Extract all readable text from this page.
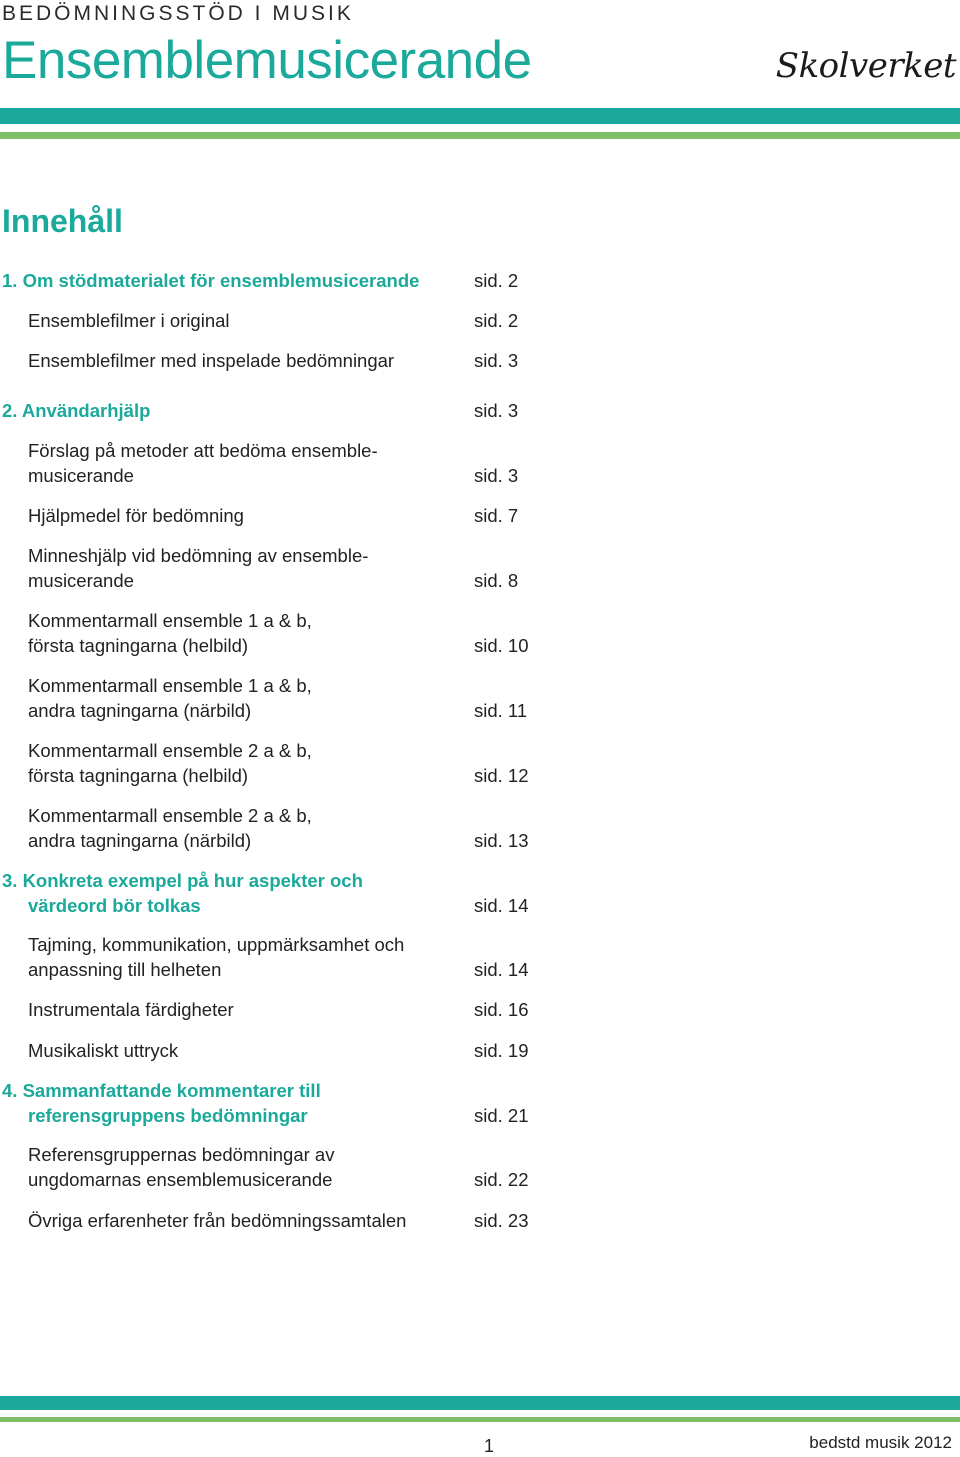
BEDÖMNINGSSTÖD I MUSIK
Ensemblemusicerande	Skolverket
Innehåll
1. Om stödmaterialet för ensemblemusicerande	sid. 2
Ensemblefilmer i original	sid. 2
Ensemblefilmer med inspelade bedömningar	sid. 3
2. Användarhjälp	sid. 3
Förslag på metoder att bedöma ensemble-
musicerande	sid. 3
Hjälpmedel för bedömning	sid. 7
Minneshjälp vid bedömning av ensemble-
musicerande	sid. 8
Kommentarmall ensemble 1 a & b,
första tagningarna (helbild)	sid. 10
Kommentarmall ensemble 1 a & b,
andra tagningarna (närbild)	sid. 11
Kommentarmall ensemble 2 a & b,
första tagningarna (helbild)	sid. 12
Kommentarmall ensemble 2 a & b,
andra tagningarna (närbild)	sid. 13
3. Konkreta exempel på hur aspekter och
värdeord bör tolkas	sid. 14
Tajming, kommunikation, uppmärksamhet och
anpassning till helheten	sid. 14
Instrumentala färdigheter	sid. 16
Musikaliskt uttryck	sid. 19
4. Sammanfattande kommentarer till
referensgruppens bedömningar	sid. 21
Referensgruppernas bedömningar av
ungdomarnas ensemblemusicerande	sid. 22
Övriga erfarenheter från bedömningssamtalen	sid. 23
1	bedstd musik 2012
